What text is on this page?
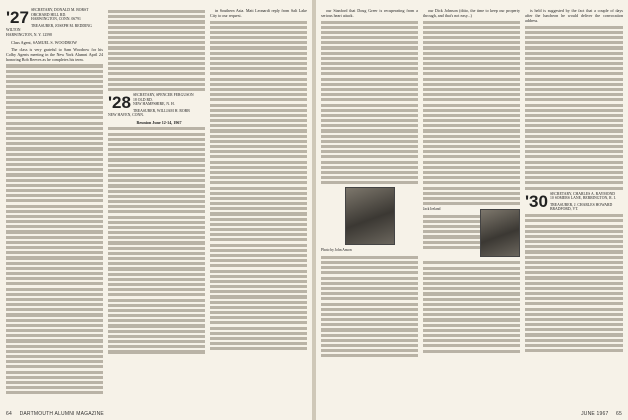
'27 SECRETARY, DONALD M. BORST
ORCHARD HILL RD.
HARWINGTON, CONN. 06791
TREASURER, JOSEPH M. REDDING
WILTON
HARWINGTON, N. Y. 12598

Class Agent, SAMUEL S. WOODROW

The class is very grateful to Sam Woodrow for his Colby Agents meeting in the New York Alumni April 24 honoring Bob Reeves as he completes his term.

'28 SECRETARY, SPENCER FERGUSON
18 OLD RD.
NEW HAMPSHIRE, N. H.
TREASURER, WILLIAM H. ROBB
NEW HAVEN, CONN.

Reunion June 12-14, 1967

in Southern Asia. Matt Leonardi reply from Salt Lake City to our request.

64 DARTMOUTH ALUMNI MAGAZINE

our Stanford that Doug Greer is recuperating from a serious heart attack.

Photo by John Anson

our Dick Johnson (ditto, the time to keep our property through, and that's not easy...)

Jack Ireland

is held is suggested by the fact that a couple of days after the luncheon he would deliver the convocation address.

'30 SECRETARY, CHARLES A. RAYMOND
10 SOMERS LANE, BERRINGTON, R. I.
TREASURER, J. CHARLES HOWARD
BRADFORD, VT.
JUNE 1967 65
